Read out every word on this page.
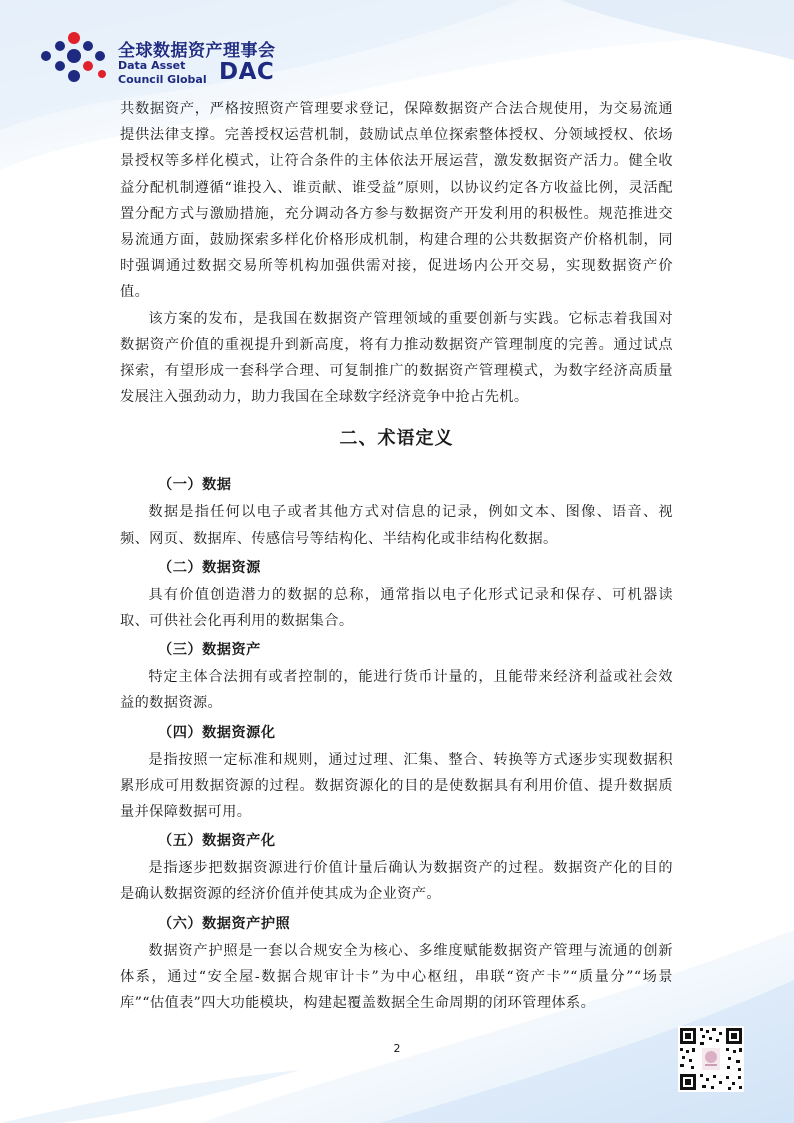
全球数据资产理事会
Data Asset
Council Global DAC

共数据资产，严格按照资产管理要求登记，保障数据资产合法合规使用，为交易流通提供法律支撑。完善授权运营机制，鼓励试点单位探索整体授权、分领域授权、依场景授权等多样化模式，让符合条件的主体依法开展运营，激发数据资产活力。健全收益分配机制遵循“谁投入、谁贡献、谁受益”原则，以协议约定各方收益比例，灵活配置分配方式与激励措施，充分调动各方参与数据资产开发利用的积极性。规范推进交易流通方面，鼓励探索多样化价格形成机制，构建合理的公共数据资产价格机制，同时强调通过数据交易所等机构加强供需对接，促进场内公开交易，实现数据资产价值。

该方案的发布，是我国在数据资产管理领域的重要创新与实践。它标志着我国对数据资产价值的重视提升到新高度，将有力推动数据资产管理制度的完善。通过试点探索，有望形成一套科学合理、可复制推广的数据资产管理模式，为数字经济高质量发展注入强劲动力，助力我国在全球数字经济竞争中抢占先机。

二、术语定义
（一）数据

数据是指任何以电子或者其他方式对信息的记录，例如文本、图像、语音、视频、网页、数据库、传感信号等结构化、半结构化或非结构化数据。

（二）数据资源

具有价值创造潜力的数据的总称，通常指以电子化形式记录和保存、可机器读取、可供社会化再利用的数据集合。

（三）数据资产

特定主体合法拥有或者控制的，能进行货币计量的，且能带来经济利益或社会效益的数据资源。

（四）数据资源化

是指按照一定标准和规则，通过过理、汇集、整合、转换等方式逐步实现数据积累形成可用数据资源的过程。数据资源化的目的是使数据具有利用价值、提升数据质量并保障数据可用。

（五）数据资产化

是指逐步把数据资源进行价值计量后确认为数据资产的过程。数据资产化的目的是确认数据资源的经济价值并使其成为企业资产。

（六）数据资产护照

数据资产护照是一套以合规安全为核心、多维度赋能数据资产管理与流通的创新体系，通过“安全屋-数据合规审计卡”为中心枢纽，串联“资产卡”“质量分”“场景库”“估值表”四大功能模块，构建起覆盖数据全生命周期的闭环管理体系。

2
